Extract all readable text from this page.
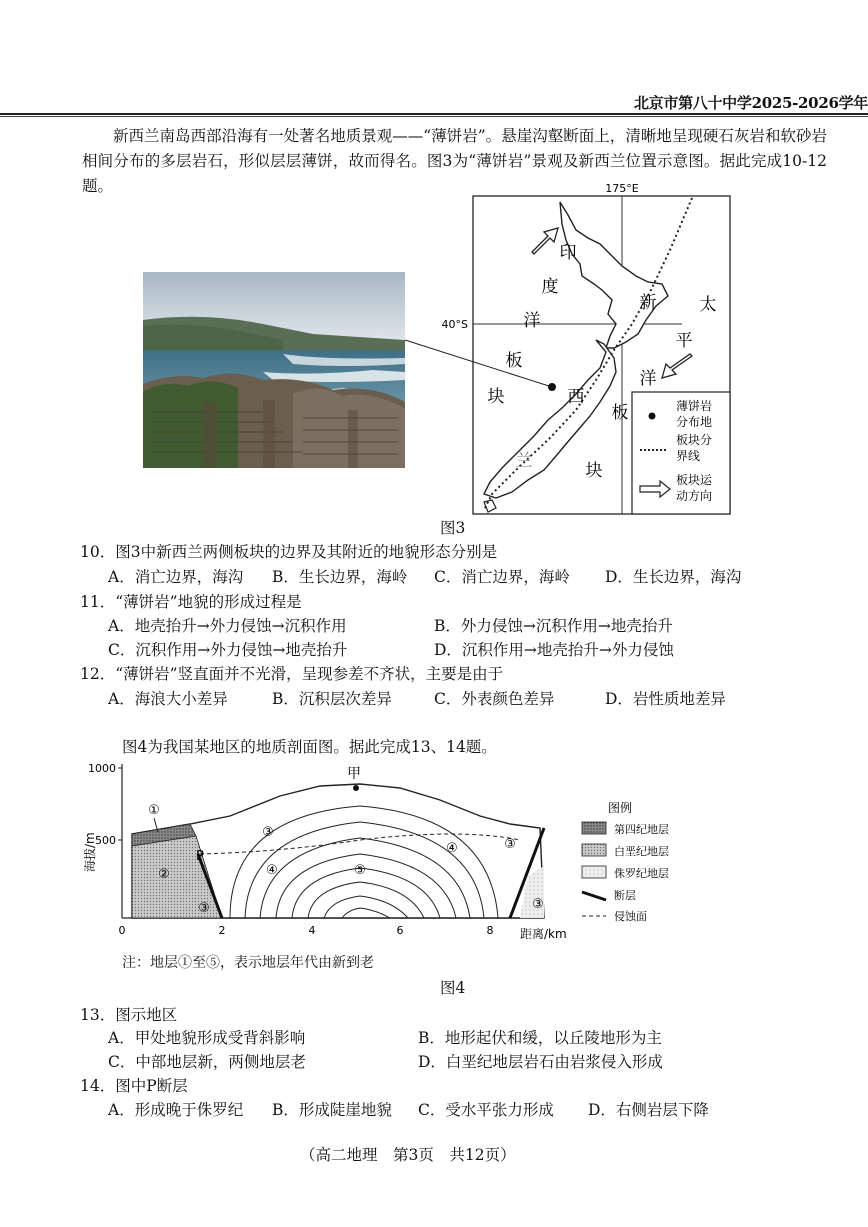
北京市第八十中学2025-2026学年
新西兰南岛西部沿海有一处著名地质景观——“薄饼岩”。悬崖沟壑断面上，清晰地呈现硬石灰岩和软砂岩相间分布的多层岩石，形似层层薄饼，故而得名。图3为“薄饼岩”景观及新西兰位置示意图。据此完成10-12题。	175°E
40°S
印
度
洋
板
块
太
平
洋
板
块
新
西
兰
薄饼岩
分布地
板块分
界线
板块运
动方向
图3
10．图3中新西兰两侧板块的边界及其附近的地貌形态分别是
A．消亡边界，海沟 B．生长边界，海岭 C．消亡边界，海岭 D．生长边界，海沟
11．“薄饼岩”地貌的形成过程是
A．地壳抬升→外力侵蚀→沉积作用	B．外力侵蚀→沉积作用→地壳抬升
C．沉积作用→外力侵蚀→地壳抬升	D．沉积作用→地壳抬升→外力侵蚀
12．“薄饼岩”竖直面并不光滑，呈现参差不齐状，主要是由于
A．海浪大小差异	B．沉积层次差异	C．外表颜色差异	D．岩性质地差异
图4为我国某地区的地质剖面图。据此完成13、14题。
1000
500
海拔/m
0	2	4	6	8 距离/km
甲
P
①
②
③
③
④	⑤
④	③
③
图例
第四纪地层
白垩纪地层
侏罗纪地层
断层
侵蚀面
注：地层①至⑤，表示地层年代由新到老
图4
13．图示地区
A．甲处地貌形成受背斜影响	B．地形起伏和缓，以丘陵地形为主
C．中部地层新，两侧地层老	D．白垩纪地层岩石由岩浆侵入形成
14．图中P断层
A．形成晚于侏罗纪 B．形成陡崖地貌 C．受水平张力形成 D．右侧岩层下降
（高二地理　第3页　共12页）
